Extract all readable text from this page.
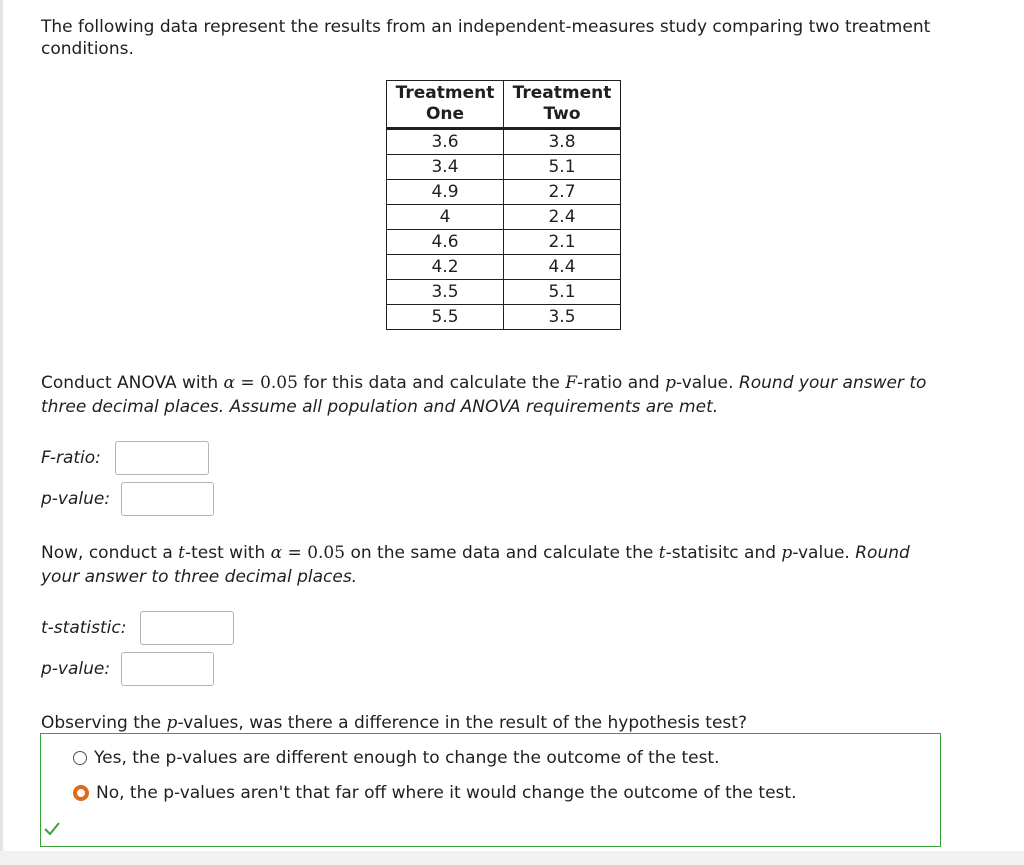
The following data represent the results from an independent-measures study comparing two treatment conditions.
Treatment One	Treatment Two
3.6	3.8
3.4	5.1
4.9	2.7
4	2.4
4.6	2.1
4.2	4.4
3.5	5.1
5.5	3.5
Conduct ANOVA with α = 0.05 for this data and calculate the F-ratio and p-value. Round your answer to three decimal places. Assume all population and ANOVA requirements are met.
F-ratio:
p-value:
Now, conduct a t-test with α = 0.05 on the same data and calculate the t-statisitc and p-value. Round your answer to three decimal places.
t-statistic:
p-value:
Observing the p-values, was there a difference in the result of the hypothesis test?
Yes, the p-values are different enough to change the outcome of the test.
No, the p-values aren't that far off where it would change the outcome of the test.
